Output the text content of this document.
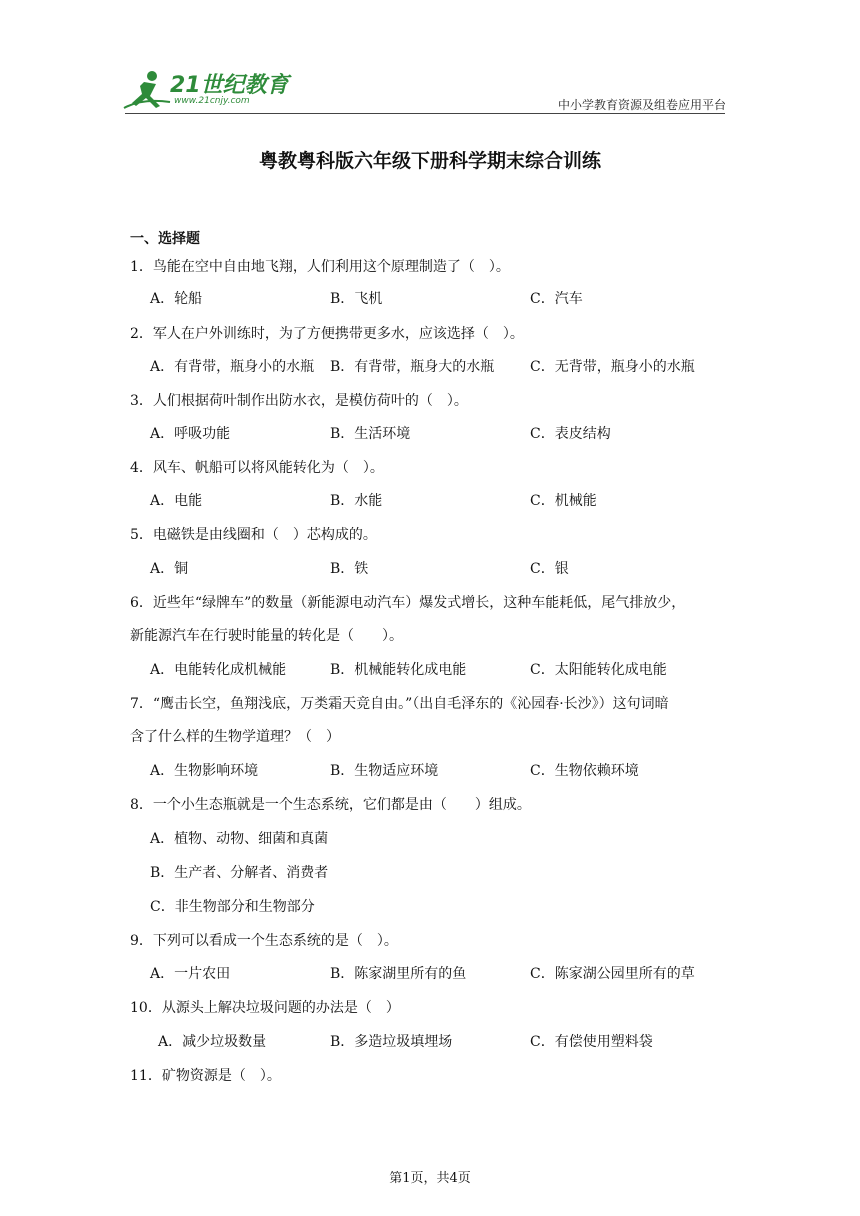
21世纪教育
www.21cnjy.com	中小学教育资源及组卷应用平台
粤教粤科版六年级下册科学期末综合训练
一、选择题
1．鸟能在空中自由地飞翔，人们利用这个原理制造了（　）。
A．轮船	B．飞机	C．汽车
2．军人在户外训练时，为了方便携带更多水，应该选择（　）。
A．有背带，瓶身小的水瓶 B．有背带，瓶身大的水瓶	C．无背带，瓶身小的水瓶
3．人们根据荷叶制作出防水衣，是模仿荷叶的（　）。
A．呼吸功能	B．生活环境	C．表皮结构
4．风车、帆船可以将风能转化为（　）。
A．电能	B．水能	C．机械能
5．电磁铁是由线圈和（　）芯构成的。
A．铜	B．铁	C．银
6．近些年“绿牌车”的数量（新能源电动汽车）爆发式增长，这种车能耗低，尾气排放少，
新能源汽车在行驶时能量的转化是（　　）。
A．电能转化成机械能	B．机械能转化成电能	C．太阳能转化成电能
7．“鹰击长空，鱼翔浅底，万类霜天竞自由。”（出自毛泽东的《沁园春·长沙》）这句词暗
含了什么样的生物学道理？（　）
A．生物影响环境	B．生物适应环境	C．生物依赖环境
8．一个小生态瓶就是一个生态系统，它们都是由（　　）组成。
A．植物、动物、细菌和真菌
B．生产者、分解者、消费者
C．非生物部分和生物部分
9．下列可以看成一个生态系统的是（　）。
A．一片农田	B．陈家湖里所有的鱼	C．陈家湖公园里所有的草
10．从源头上解决垃圾问题的办法是（　）
A．减少垃圾数量	B．多造垃圾填埋场	C．有偿使用塑料袋
11．矿物资源是（　）。
第1页，共4页
